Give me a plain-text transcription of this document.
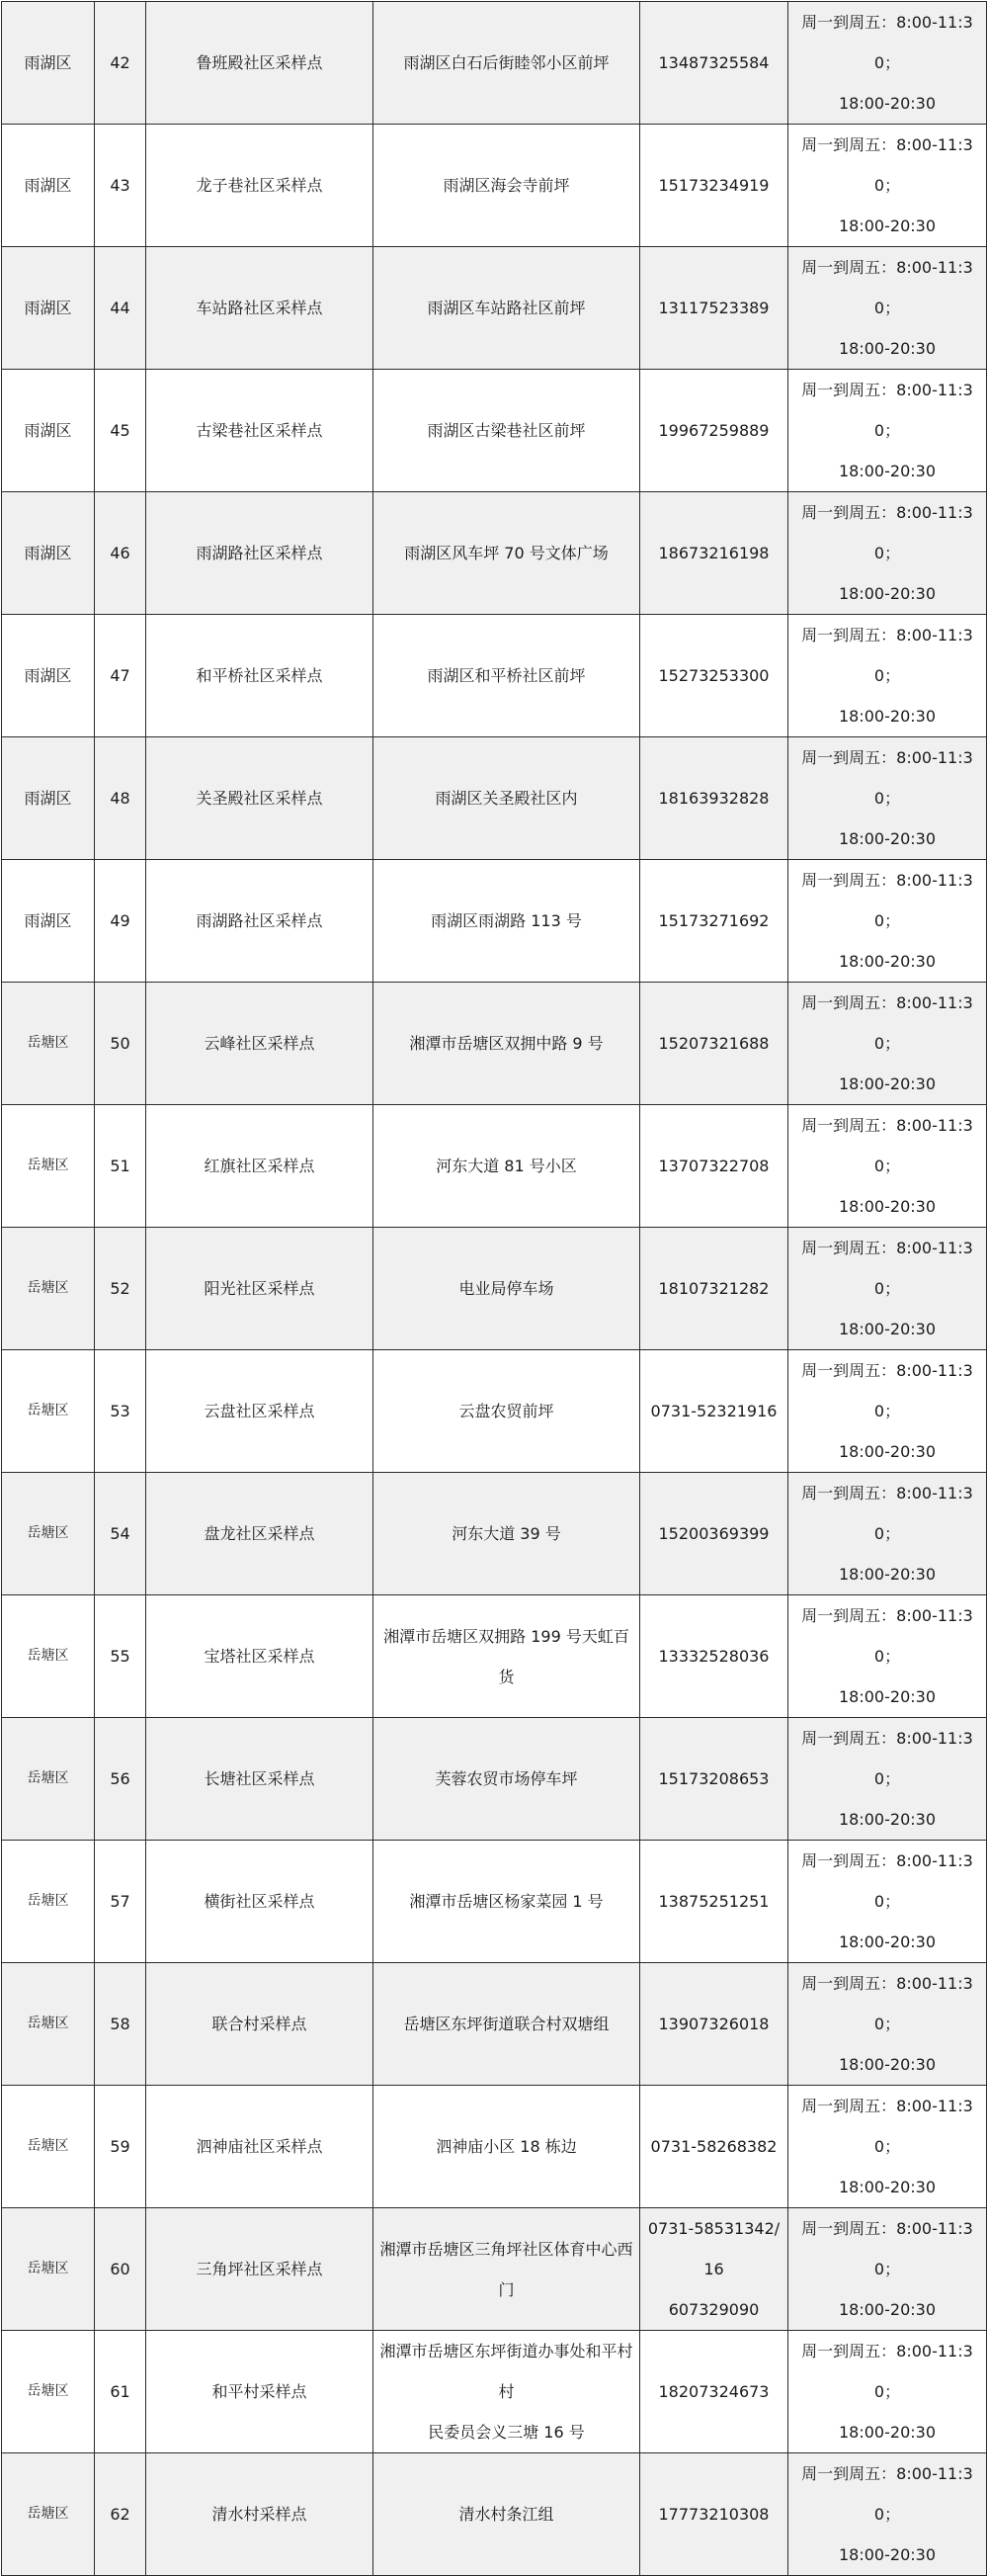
雨湖区	42	鲁班殿社区采样点	雨湖区白石后街睦邻小区前坪	13487325584	周一到周五：8:00-11:30；
18:00-20:30

雨湖区	43	龙子巷社区采样点	雨湖区海会寺前坪	15173234919	周一到周五：8:00-11:30；
18:00-20:30

雨湖区	44	车站路社区采样点	雨湖区车站路社区前坪	13117523389	周一到周五：8:00-11:30；
18:00-20:30

雨湖区	45	古梁巷社区采样点	雨湖区古梁巷社区前坪	19967259889	周一到周五：8:00-11:30；
18:00-20:30

雨湖区	46	雨湖路社区采样点	雨湖区风车坪 70 号文体广场	18673216198	周一到周五：8:00-11:30；
18:00-20:30

雨湖区	47	和平桥社区采样点	雨湖区和平桥社区前坪	15273253300	周一到周五：8:00-11:30；
18:00-20:30

雨湖区	48	关圣殿社区采样点	雨湖区关圣殿社区内	18163932828	周一到周五：8:00-11:30；
18:00-20:30

雨湖区	49	雨湖路社区采样点	雨湖区雨湖路 113 号	15173271692	周一到周五：8:00-11:30；
18:00-20:30

岳塘区	50	云峰社区采样点	湘潭市岳塘区双拥中路 9 号	15207321688	周一到周五：8:00-11:30；
18:00-20:30

岳塘区	51	红旗社区采样点	河东大道 81 号小区	13707322708	周一到周五：8:00-11:30；
18:00-20:30

岳塘区	52	阳光社区采样点	电业局停车场	18107321282	周一到周五：8:00-11:30；
18:00-20:30

岳塘区	53	云盘社区采样点	云盘农贸前坪	0731-52321916	周一到周五：8:00-11:30；
18:00-20:30

岳塘区	54	盘龙社区采样点	河东大道 39 号	15200369399	周一到周五：8:00-11:30；
18:00-20:30

岳塘区	55	宝塔社区采样点	湘潭市岳塘区双拥路 199 号天虹百货	13332528036	周一到周五：8:00-11:30；
18:00-20:30

岳塘区	56	长塘社区采样点	芙蓉农贸市场停车坪	15173208653	周一到周五：8:00-11:30；
18:00-20:30

岳塘区	57	横街社区采样点	湘潭市岳塘区杨家菜园 1 号	13875251251	周一到周五：8:00-11:30；
18:00-20:30

岳塘区	58	联合村采样点	岳塘区东坪街道联合村双塘组	13907326018	周一到周五：8:00-11:30；
18:00-20:30

岳塘区	59	泗神庙社区采样点	泗神庙小区 18 栋边	0731-58268382	周一到周五：8:00-11:30；
18:00-20:30

岳塘区	60	三角坪社区采样点	湘潭市岳塘区三角坪社区体育中心西门	0731-58531342/16
607329090	周一到周五：8:00-11:30；
18:00-20:30

岳塘区	61	和平村采样点	湘潭市岳塘区东坪街道办事处和平村村
民委员会义三塘 16 号	18207324673	周一到周五：8:00-11:30；
18:00-20:30

岳塘区	62	清水村采样点	清水村条江组	17773210308	周一到周五：8:00-11:30；
18:00-20:30
